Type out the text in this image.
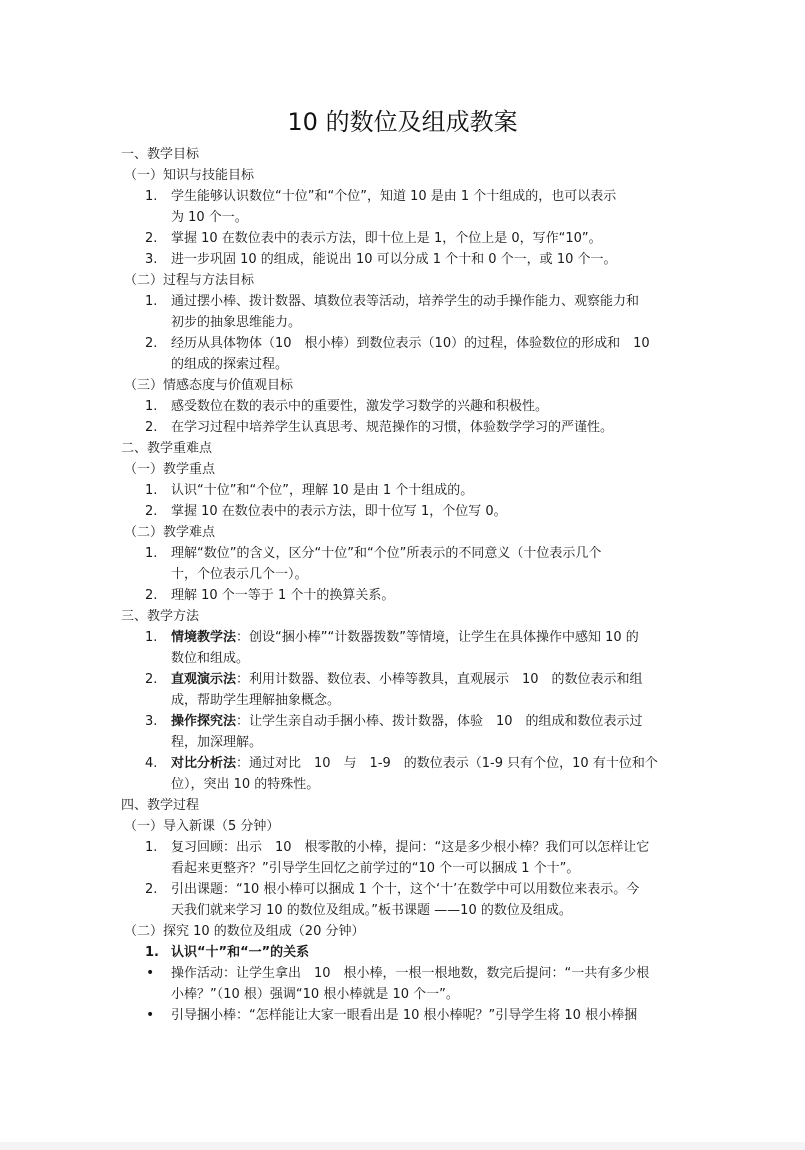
10 的数位及组成教案
一、教学目标
（一）知识与技能目标
1. 学生能够认识数位“十位”和“个位”，知道 10 是由 1 个十组成的，也可以表示
为 10 个一。
2. 掌握 10 在数位表中的表示方法，即十位上是 1，个位上是 0，写作“10”。
3. 进一步巩固 10 的组成，能说出 10 可以分成 1 个十和 0 个一，或 10 个一。
（二）过程与方法目标
1. 通过摆小棒、拨计数器、填数位表等活动，培养学生的动手操作能力、观察能力和
初步的抽象思维能力。
2. 经历从具体物体（10　根小棒）到数位表示（10）的过程，体验数位的形成和　10
的组成的探索过程。
（三）情感态度与价值观目标
1. 感受数位在数的表示中的重要性，激发学习数学的兴趣和积极性。
2. 在学习过程中培养学生认真思考、规范操作的习惯，体验数学学习的严谨性。
二、教学重难点
（一）教学重点
1. 认识“十位”和“个位”，理解 10 是由 1 个十组成的。
2. 掌握 10 在数位表中的表示方法，即十位写 1，个位写 0。
（二）教学难点
1. 理解“数位”的含义，区分“十位”和“个位”所表示的不同意义（十位表示几个
十，个位表示几个一）。
2. 理解 10 个一等于 1 个十的换算关系。
三、教学方法
1. 情境教学法：创设“捆小棒”“计数器拨数”等情境，让学生在具体操作中感知 10 的
数位和组成。
2. 直观演示法：利用计数器、数位表、小棒等教具，直观展示　10　的数位表示和组
成，帮助学生理解抽象概念。
3. 操作探究法：让学生亲自动手捆小棒、拨计数器，体验　10　的组成和数位表示过
程，加深理解。
4. 对比分析法：通过对比　10　与　1-9　的数位表示（1-9 只有个位，10 有十位和个
位），突出 10 的特殊性。
四、教学过程
（一）导入新课（5 分钟）
1. 复习回顾：出示　10　根零散的小棒，提问：“这是多少根小棒？我们可以怎样让它
看起来更整齐？”引导学生回忆之前学过的“10 个一可以捆成 1 个十”。
2. 引出课题：“10 根小棒可以捆成 1 个十，这个‘十’在数学中可以用数位来表示。今
天我们就来学习 10 的数位及组成。”板书课题 ——10 的数位及组成。
（二）探究 10 的数位及组成（20 分钟）
1. 认识“十”和“一”的关系
• 操作活动：让学生拿出　10　根小棒，一根一根地数，数完后提问：“一共有多少根
小棒？”（10 根）强调“10 根小棒就是 10 个一”。
• 引导捆小棒：“怎样能让大家一眼看出是 10 根小棒呢？”引导学生将 10 根小棒捆
